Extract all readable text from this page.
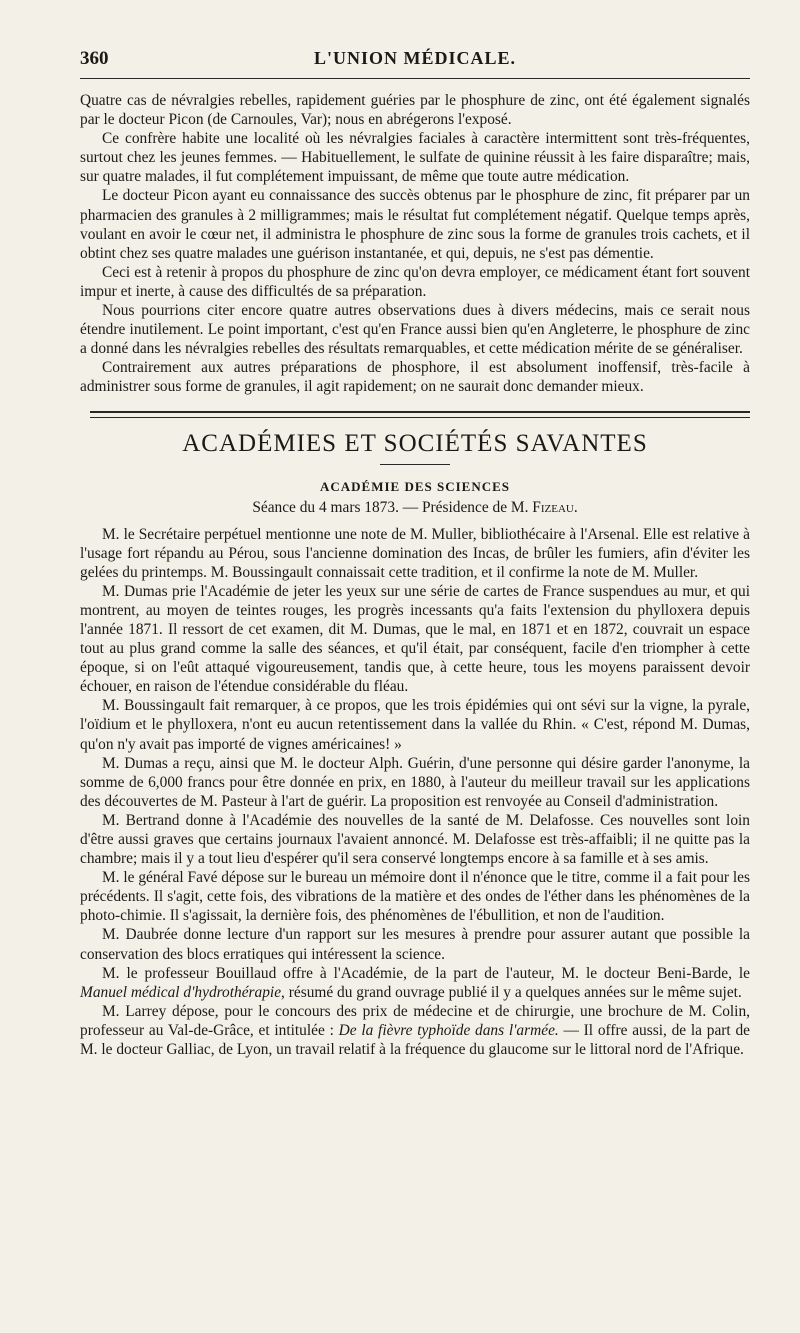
360	L'UNION MÉDICALE.

Quatre cas de névralgies rebelles, rapidement guéries par le phosphure de zinc, ont été également signalés par le docteur Picon (de Carnoules, Var); nous en abrégerons l'exposé.

Ce confrère habite une localité où les névralgies faciales à caractère intermittent sont très-fréquentes, surtout chez les jeunes femmes. — Habituellement, le sulfate de quinine réussit à les faire disparaître; mais, sur quatre malades, il fut complétement impuissant, de même que toute autre médication.

Le docteur Picon ayant eu connaissance des succès obtenus par le phosphure de zinc, fit préparer par un pharmacien des granules à 2 milligrammes; mais le résultat fut complétement négatif. Quelque temps après, voulant en avoir le cœur net, il administra le phosphure de zinc sous la forme de granules trois cachets, et il obtint chez ses quatre malades une guérison instantanée, et qui, depuis, ne s'est pas démentie.

Ceci est à retenir à propos du phosphure de zinc qu'on devra employer, ce médicament étant fort souvent impur et inerte, à cause des difficultés de sa préparation.

Nous pourrions citer encore quatre autres observations dues à divers médecins, mais ce serait nous étendre inutilement. Le point important, c'est qu'en France aussi bien qu'en Angleterre, le phosphure de zinc a donné dans les névralgies rebelles des résultats remarquables, et cette médication mérite de se généraliser.

Contrairement aux autres préparations de phosphore, il est absolument inoffensif, très-facile à administrer sous forme de granules, il agit rapidement; on ne saurait donc demander mieux.

ACADÉMIES ET SOCIÉTÉS SAVANTES
ACADÉMIE DES SCIENCES
Séance du 4 mars 1873. — Présidence de M. Fizeau.

M. le Secrétaire perpétuel mentionne une note de M. Muller, bibliothécaire à l'Arsenal. Elle est relative à l'usage fort répandu au Pérou, sous l'ancienne domination des Incas, de brûler les fumiers, afin d'éviter les gelées du printemps. M. Boussingault connaissait cette tradition, et il confirme la note de M. Muller.

M. Dumas prie l'Académie de jeter les yeux sur une série de cartes de France suspendues au mur, et qui montrent, au moyen de teintes rouges, les progrès incessants qu'a faits l'extension du phylloxera depuis l'année 1871. Il ressort de cet examen, dit M. Dumas, que le mal, en 1871 et en 1872, couvrait un espace tout au plus grand comme la salle des séances, et qu'il était, par conséquent, facile d'en triompher à cette époque, si on l'eût attaqué vigoureusement, tandis que, à cette heure, tous les moyens paraissent devoir échouer, en raison de l'étendue considérable du fléau.

M. Boussingault fait remarquer, à ce propos, que les trois épidémies qui ont sévi sur la vigne, la pyrale, l'oïdium et le phylloxera, n'ont eu aucun retentissement dans la vallée du Rhin. « C'est, répond M. Dumas, qu'on n'y avait pas importé de vignes américaines! »

M. Dumas a reçu, ainsi que M. le docteur Alph. Guérin, d'une personne qui désire garder l'anonyme, la somme de 6,000 francs pour être donnée en prix, en 1880, à l'auteur du meilleur travail sur les applications des découvertes de M. Pasteur à l'art de guérir. La proposition est renvoyée au Conseil d'administration.

M. Bertrand donne à l'Académie des nouvelles de la santé de M. Delafosse. Ces nouvelles sont loin d'être aussi graves que certains journaux l'avaient annoncé. M. Delafosse est très-affaibli; il ne quitte pas la chambre; mais il y a tout lieu d'espérer qu'il sera conservé longtemps encore à sa famille et à ses amis.

M. le général Favé dépose sur le bureau un mémoire dont il n'énonce que le titre, comme il a fait pour les précédents. Il s'agit, cette fois, des vibrations de la matière et des ondes de l'éther dans les phénomènes de la photo-chimie. Il s'agissait, la dernière fois, des phénomènes de l'ébullition, et non de l'audition.

M. Daubrée donne lecture d'un rapport sur les mesures à prendre pour assurer autant que possible la conservation des blocs erratiques qui intéressent la science.

M. le professeur Bouillaud offre à l'Académie, de la part de l'auteur, M. le docteur Beni-Barde, le Manuel médical d'hydrothérapie, résumé du grand ouvrage publié il y a quelques années sur le même sujet.

M. Larrey dépose, pour le concours des prix de médecine et de chirurgie, une brochure de M. Colin, professeur au Val-de-Grâce, et intitulée : De la fièvre typhoïde dans l'armée. — Il offre aussi, de la part de M. le docteur Galliac, de Lyon, un travail relatif à la fréquence du glaucome sur le littoral nord de l'Afrique.
